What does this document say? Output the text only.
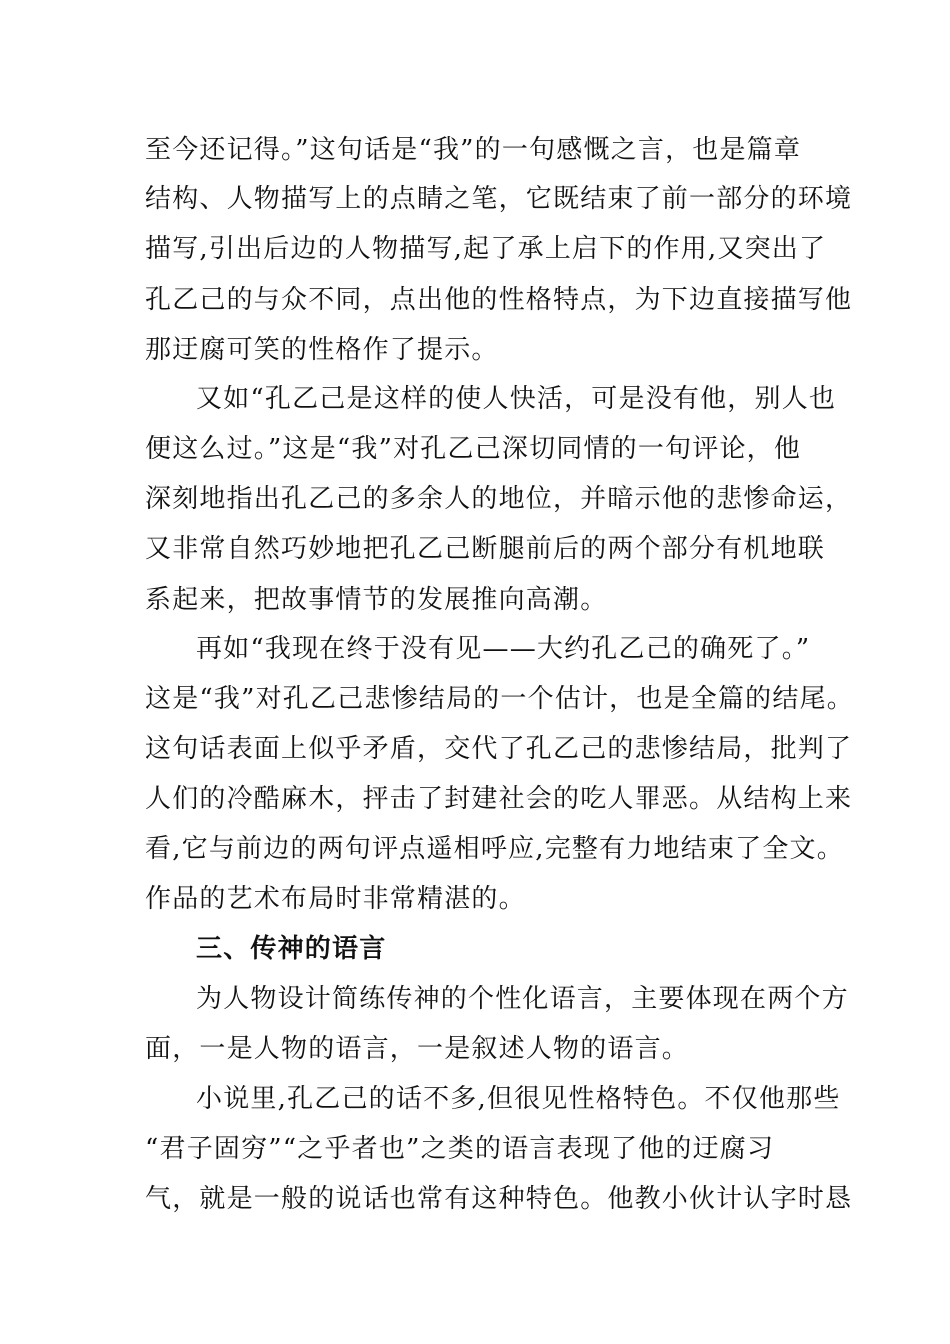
至今还记得。”这句话是“我”的一句感慨之言，也是篇章
结构、人物描写上的点睛之笔，它既结束了前一部分的环境
描写,引出后边的人物描写,起了承上启下的作用,又突出了
孔乙己的与众不同，点出他的性格特点，为下边直接描写他
那迂腐可笑的性格作了提示。
又如“孔乙己是这样的使人快活，可是没有他，别人也
便这么过。”这是“我”对孔乙己深切同情的一句评论，他
深刻地指出孔乙己的多余人的地位，并暗示他的悲惨命运，
又非常自然巧妙地把孔乙己断腿前后的两个部分有机地联
系起来，把故事情节的发展推向高潮。
再如“我现在终于没有见——大约孔乙己的确死了。”
这是“我”对孔乙己悲惨结局的一个估计，也是全篇的结尾。
这句话表面上似乎矛盾，交代了孔乙己的悲惨结局，批判了
人们的冷酷麻木，抨击了封建社会的吃人罪恶。从结构上来
看,它与前边的两句评点遥相呼应,完整有力地结束了全文。
作品的艺术布局时非常精湛的。
三、传神的语言
为人物设计简练传神的个性化语言，主要体现在两个方
面，一是人物的语言，一是叙述人物的语言。
小说里,孔乙己的话不多,但很见性格特色。不仅他那些
“君子固穷”“之乎者也”之类的语言表现了他的迂腐习
气，就是一般的说话也常有这种特色。他教小伙计认字时恳
